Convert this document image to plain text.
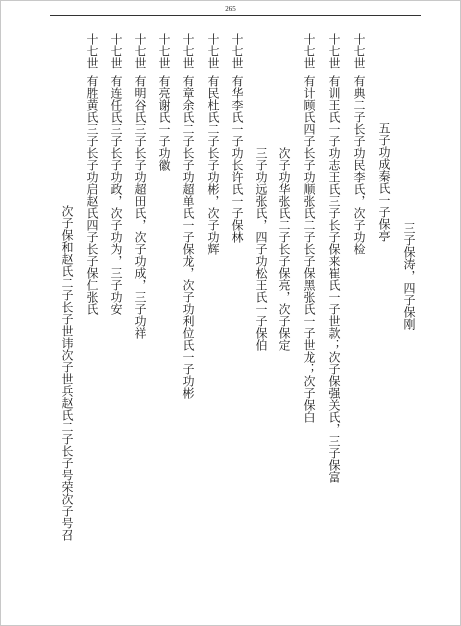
265
三子保涛，四子保刚
五子功成秦氏一子保亭
十七世有典二子长子功民李氏，次子功检
十七世有训王氏一子功志王氏三子长子保来崔氏一子世款；次子保强关氏，三子保富
十七世有计顾氏四子长子功顺张氏二子长子保黑张氏一子世龙；次子保白
次子功华张氏二子长子保亮，次子保定
三子功远张氏，四子功松王氏一子保伯
十七世有华李氏一子功长许氏一子保林
十七世有民杜氏二子长子功彬，次子功辉
十七世有章余氏二子长子功超单氏一子保龙，次子功利位氏一子功彬
十七世有亮谢氏一子功徽
十七世有明谷氏三子长子功超田氏，次子功成，三子功祥
十七世有连任氏三子长子功政，次子功为，三子功安
十七世有胜黄氏三子长子功启赵氏四子长子保仁张氏
次子保和赵氏二子长子世讳次子世兵赵氏二子长子号荣次子号召
